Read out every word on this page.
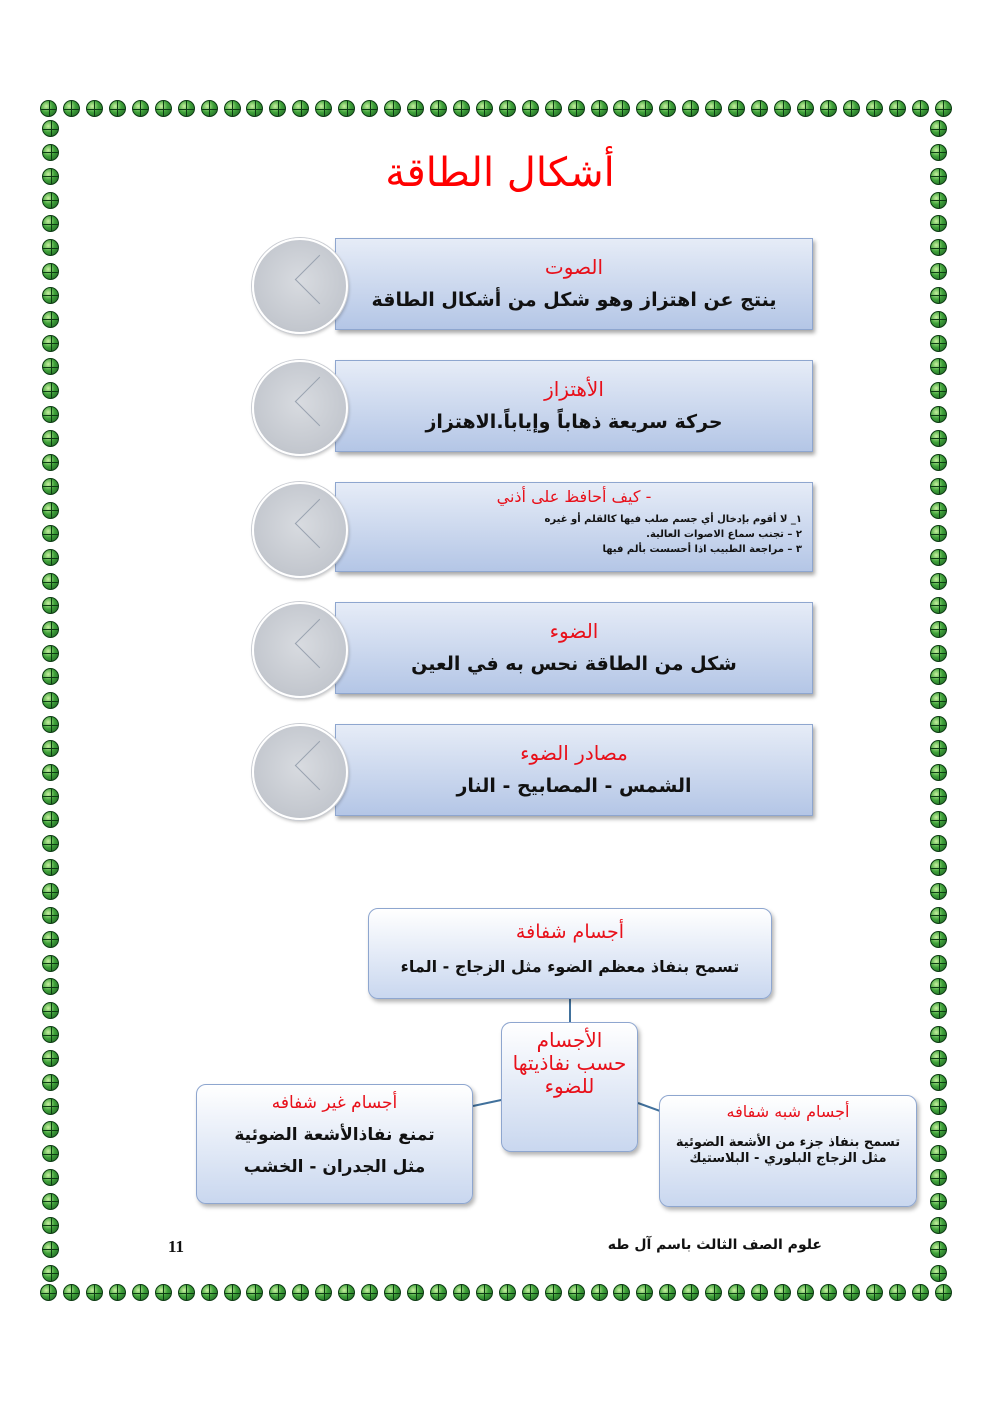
أشكال الطاقة
الصوت
ينتج عن اهتزاز وهو شكل من أشكال الطاقة
الأهتزاز
حركة سريعة ذهاباً وإياباً.الاهتزاز
- كيف أحافظ على أذني
١_ لا أقوم بإدخال أي جسم صلب فيها كالقلم أو غيره
٢ – تجنب سماع الاصوات العالية.
٣ – مراجعة الطبيب اذا أحسست بألم فيها
الضوء
شكل من الطاقة نحس به في العين
مصادر الضوء
الشمس - المصابيح - النار
أجسام شفافة
تسمح بنفاذ معظم الضوء مثل الزجاج - الماء
الأجسام حسب نفاذيتها للضوء
أجسام غير شفافه
تمنع نفاذالأشعة الضوئية
مثل الجدران - الخشب
أجسام شبه شفافه
تسمح بنفاذ جزء من الأشعة الضوئية مثل الزجاج البلوري - البلاستيك
11	علوم الصف الثالث باسم آل طه
